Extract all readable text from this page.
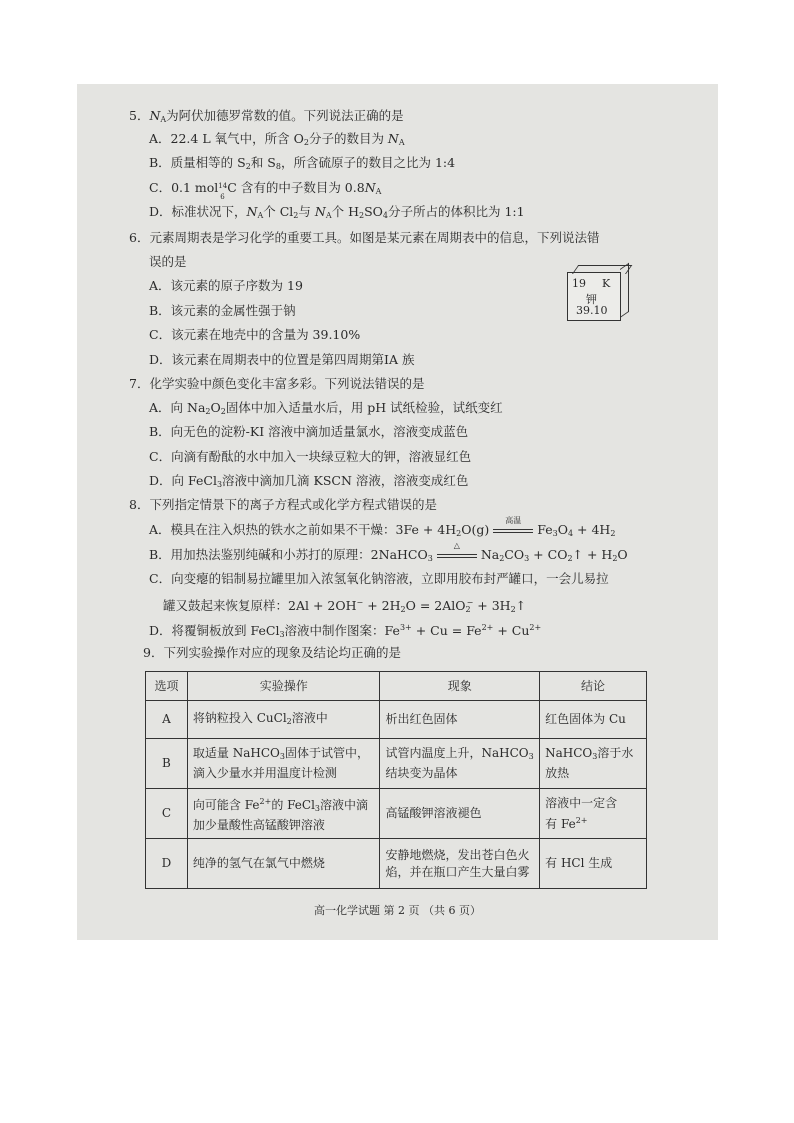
5．$N_A$为阿伏加德罗常数的值。下列说法正确的是
A．22.4 L 氧气中，所含 $O_2$分子的数目为 $N_A$
B．质量相等的 $S_2$和 $S_8$，所含硫原子的数目之比为 1:4
C．0.1 mol 14
6
C 含有的中子数目为 $0.8N_A$
D．标准状况下，$N_A$个 $Cl_2$与 $N_A$个 $H_2SO_4$分子所占的体积比为 1:1
6．元素周期表是学习化学的重要工具。如图是某元素在周期表中的信息，下列说法错
误的是
A．该元素的原子序数为 19
B．该元素的金属性强于钠
C．该元素在地壳中的含量为 39.10%
D．该元素在周期表中的位置是第四周期第ⅠA 族
19 K
钾
39.10
7．化学实验中颜色变化丰富多彩。下列说法错误的是
A．向 $Na_2O_2$固体中加入适量水后，用 pH 试纸检验，试纸变红
B．向无色的淀粉-KI 溶液中滴加适量氯水，溶液变成蓝色
C．向滴有酚酞的水中加入一块绿豆粒大的钾，溶液显红色
D．向 FeCl$_3$溶液中滴加几滴 KSCN 溶液，溶液变成红色
8．下列指定情景下的离子方程式或化学方程式错误的是
A．模具在注入炽热的铁水之前如果不干燥：$3Fe + 4H_2O(g)$
高温
$Fe_3O_4 + 4H_2$
B．用加热法鉴别纯碱和小苏打的原理：2NaHCO$_3$
△
$Na_2CO_3$ + $CO_2↑ + H_2O$
C．向变瘪的铝制易拉罐里加入浓氢氧化钠溶液，立即用胶布封严罐口，一会儿易拉
罐又鼓起来恢复原样：$2Al + 2OH^- + 2H_2O = 2AlO_2^-$ + $3H_2↑$
D．将覆铜板放到 FeCl$_3$溶液中制作图案：$Fe^{3+} + Cu = Fe^{2+} + Cu^{2+}$
9．下列实验操作对应的现象及结论均正确的是
选项	实验操作	现象	结论
A	将钠粒投入 CuCl$_2$溶液中	析出红色固体	红色固体为 Cu
B	取适量 NaHCO$_3$固体于试管中，
滴入少量水并用温度计检测	试管内温度上升，NaHCO$_3$
结块变为晶体	NaHCO$_3$溶于水
放热
C	向可能含 $Fe^{2+}$的 FeCl$_3$溶液中滴
加少量酸性高锰酸钾溶液	高锰酸钾溶液褪色	溶液中一定含
有 $Fe^{2+}$
D	纯净的氢气在氯气中燃烧	安静地燃烧，发出苍白色火
焰，并在瓶口产生大量白雾	有 HCl 生成
高一化学试题 第 2 页 （共 6 页）
